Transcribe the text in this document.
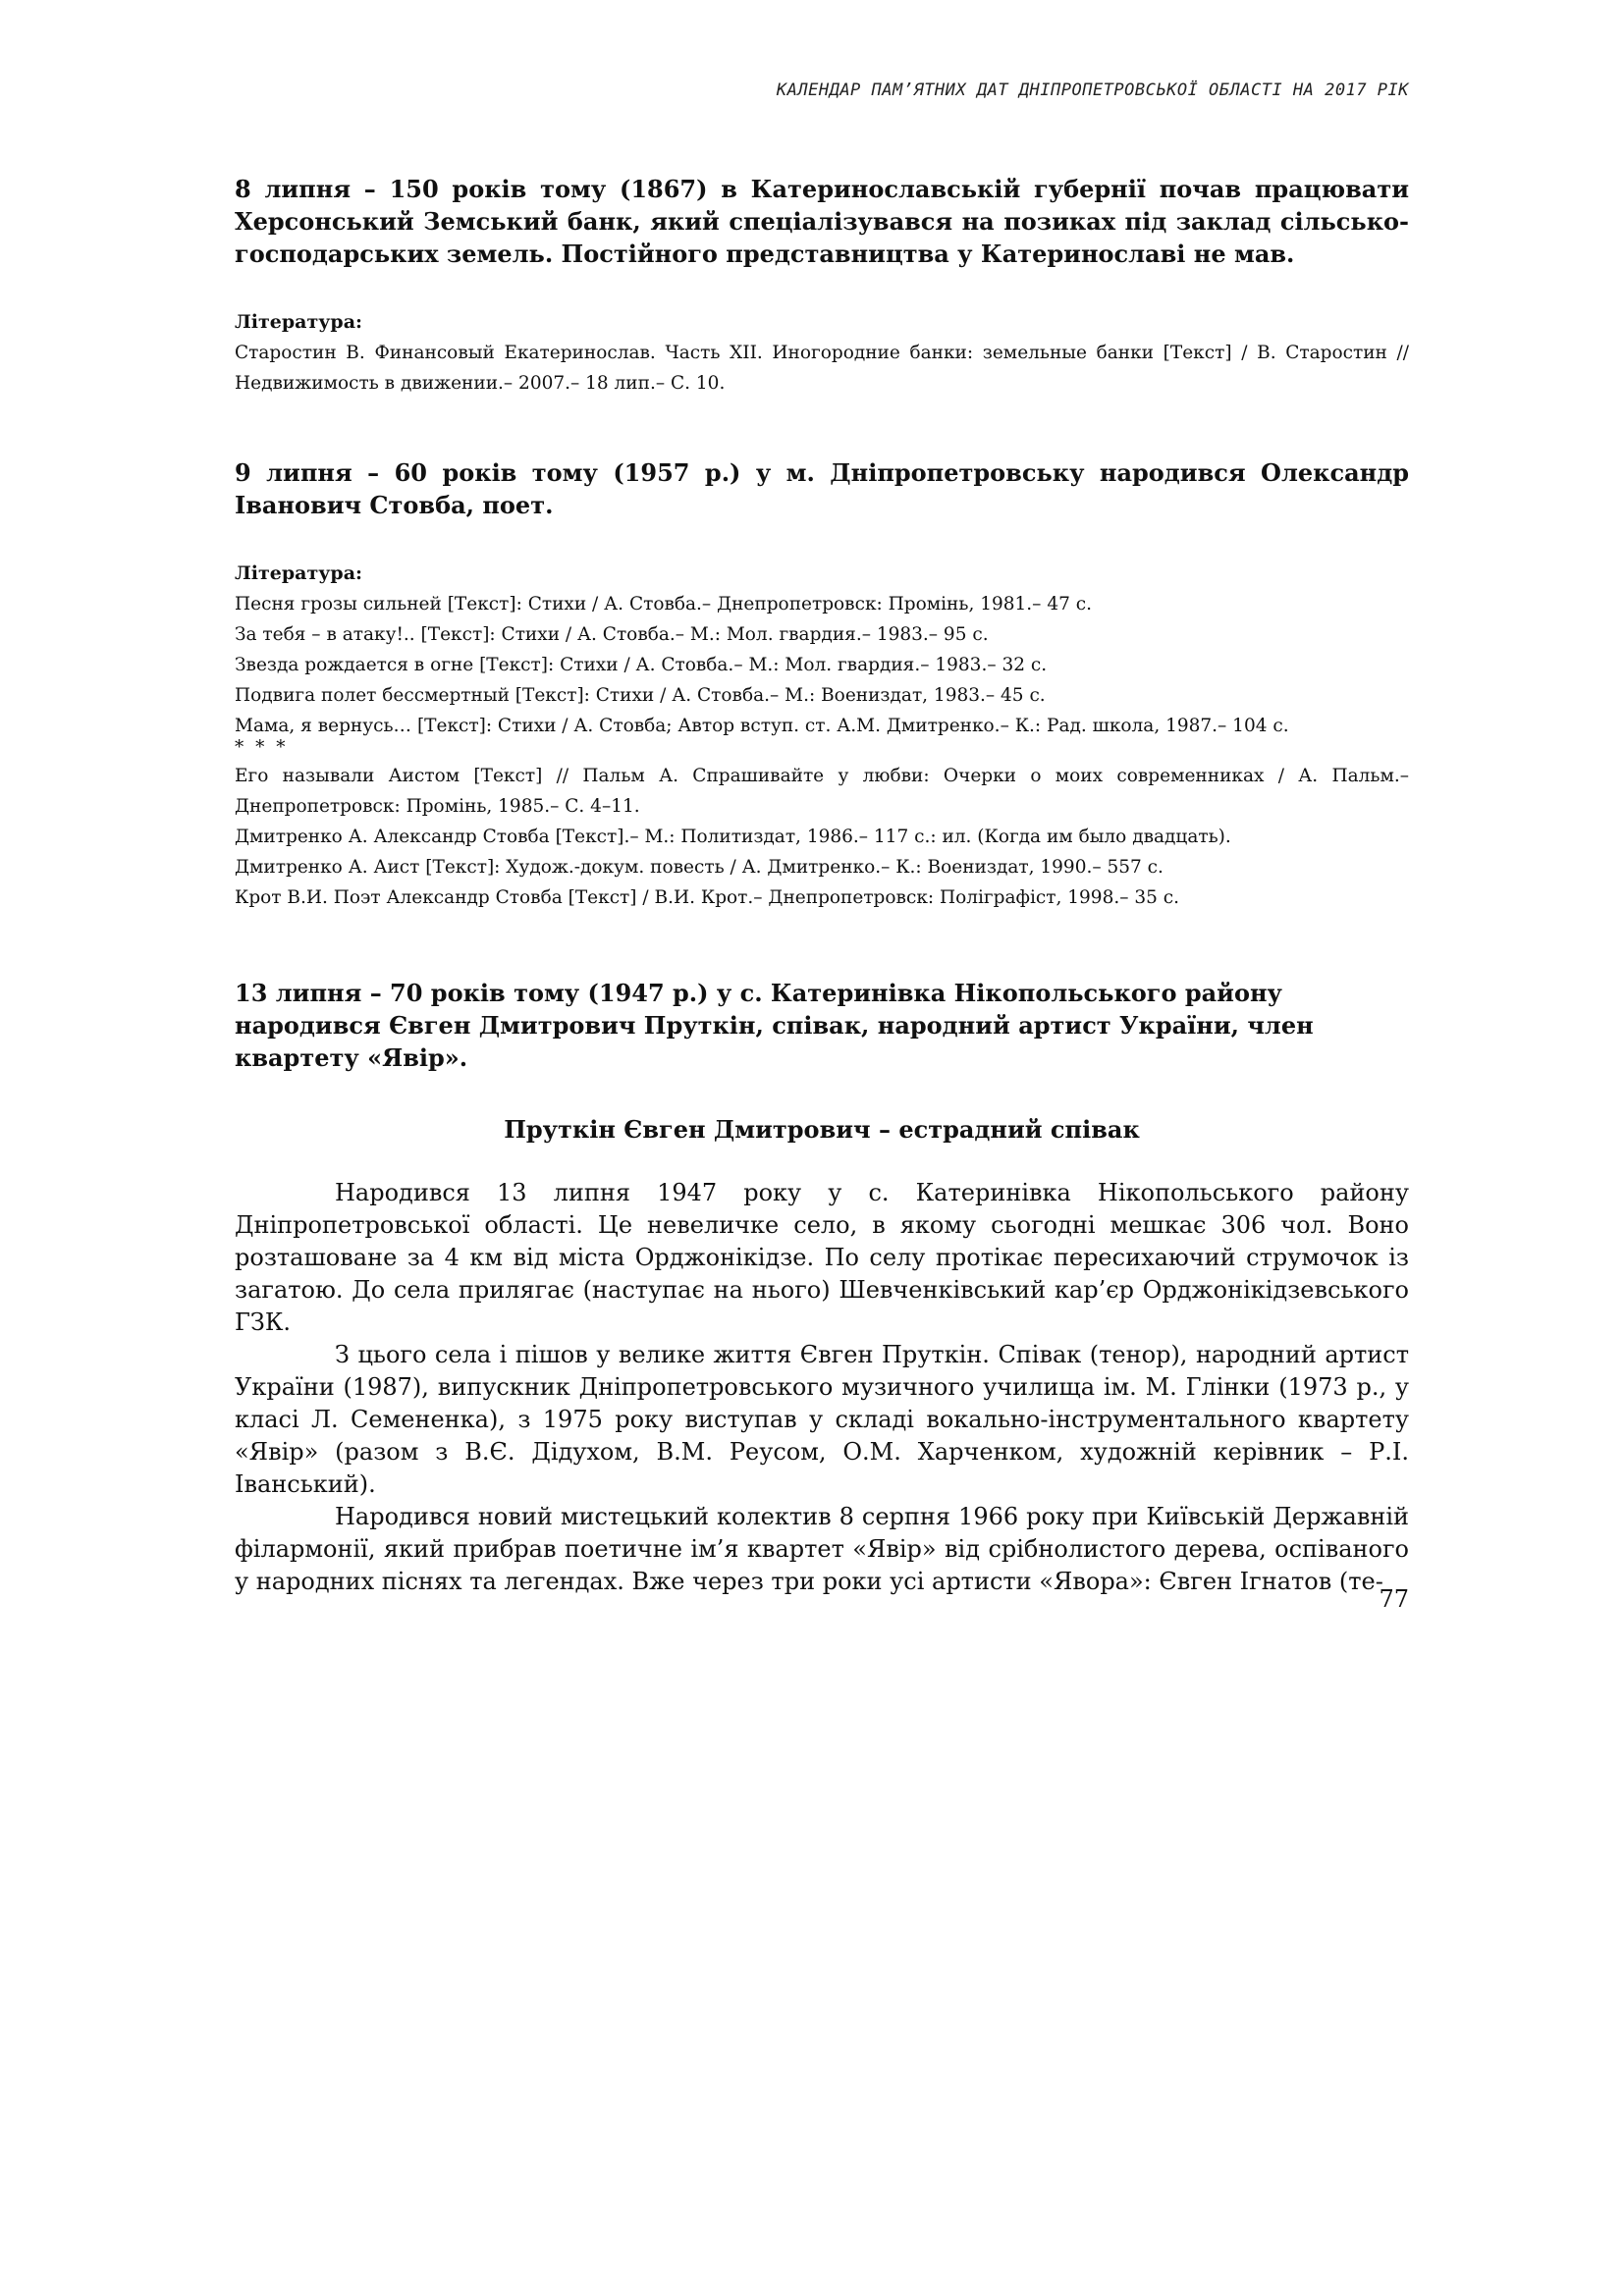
КАЛЕНДАР ПАМ’ЯТНИХ ДАТ ДНІПРОПЕТРОВСЬКОЇ ОБЛАСТІ НА 2017 РІК

8 липня – 150 років тому (1867) в Катеринославській губернії почав працювати Херсонський Земський банк, який спеціалізувався на позиках під заклад сільсько-господарських земель. Постійного представництва у Катеринославі не мав.

Література:

Старостин В. Финансовый Екатеринослав. Часть XII. Иногородние банки: земельные банки [Текст] / В. Старостин // Недвижимость в движении.– 2007.– 18 лип.– С. 10.

9 липня – 60 років тому (1957 р.) у м. Дніпропетровську народився Олександр Іванович Стовба, поет.

Література:

Песня грозы сильней [Текст]: Стихи / А. Стовба.– Днепропетровск: Промінь, 1981.– 47 с.
За тебя – в атаку!.. [Текст]: Стихи / А. Стовба.– М.: Мол. гвардия.– 1983.– 95 с.
Звезда рождается в огне [Текст]: Стихи / А. Стовба.– М.: Мол. гвардия.– 1983.– 32 с.
Подвига полет бессмертный [Текст]: Стихи / А. Стовба.– М.: Воениздат, 1983.– 45 с.
Мама, я вернусь… [Текст]: Стихи / А. Стовба; Автор вступ. ст. А.М. Дмитренко.– К.: Рад. школа, 1987.– 104 с.
* * *
Его называли Аистом [Текст] // Пальм А. Спрашивайте у любви: Очерки о моих современниках / А. Пальм.– Днепропетровск: Промінь, 1985.– С. 4–11.
Дмитренко А. Александр Стовба [Текст].– М.: Политиздат, 1986.– 117 с.: ил. (Когда им было двадцать).
Дмитренко А. Аист [Текст]: Худож.-докум. повесть / А. Дмитренко.– К.: Воениздат, 1990.– 557 с.
Крот В.И. Поэт Александр Стовба [Текст] / В.И. Крот.– Днепропетровск: Поліграфіст, 1998.– 35 с.

13 липня – 70 років тому (1947 р.) у с. Катеринівка Нікопольського району народився Євген Дмитрович Пруткін, співак, народний артист України, член квартету «Явір».

Пруткін Євген Дмитрович – естрадний співак

Народився 13 липня 1947 року у с. Катеринівка Нікопольського району Дніпропетровської області. Це невеличке село, в якому сьогодні мешкає 306 чол. Воно розташоване за 4 км від міста Орджонікідзе. По селу протікає пересихаючий струмочок із загатою. До села прилягає (наступає на нього) Шевченківський кар’єр Орджонікідзевського ГЗК.

З цього села і пішов у велике життя Євген Пруткін. Співак (тенор), народний артист України (1987), випускник Дніпропетровського музичного училища ім. М. Глінки (1973 р., у класі Л. Семененка), з 1975 року виступав у складі вокально-інструментального квартету «Явір» (разом з В.Є. Дідухом, В.М. Реусом, О.М. Харченком, художній керівник – Р.І. Іванський).

Народився новий мистецький колектив 8 серпня 1966 року при Київській Державній філармонії, який прибрав поетичне ім’я квартет «Явір» від срібнолистого дерева, оспіваного у народних піснях та легендах. Вже через три роки усі артисти «Явора»: Євген Ігнатов (те-

77
